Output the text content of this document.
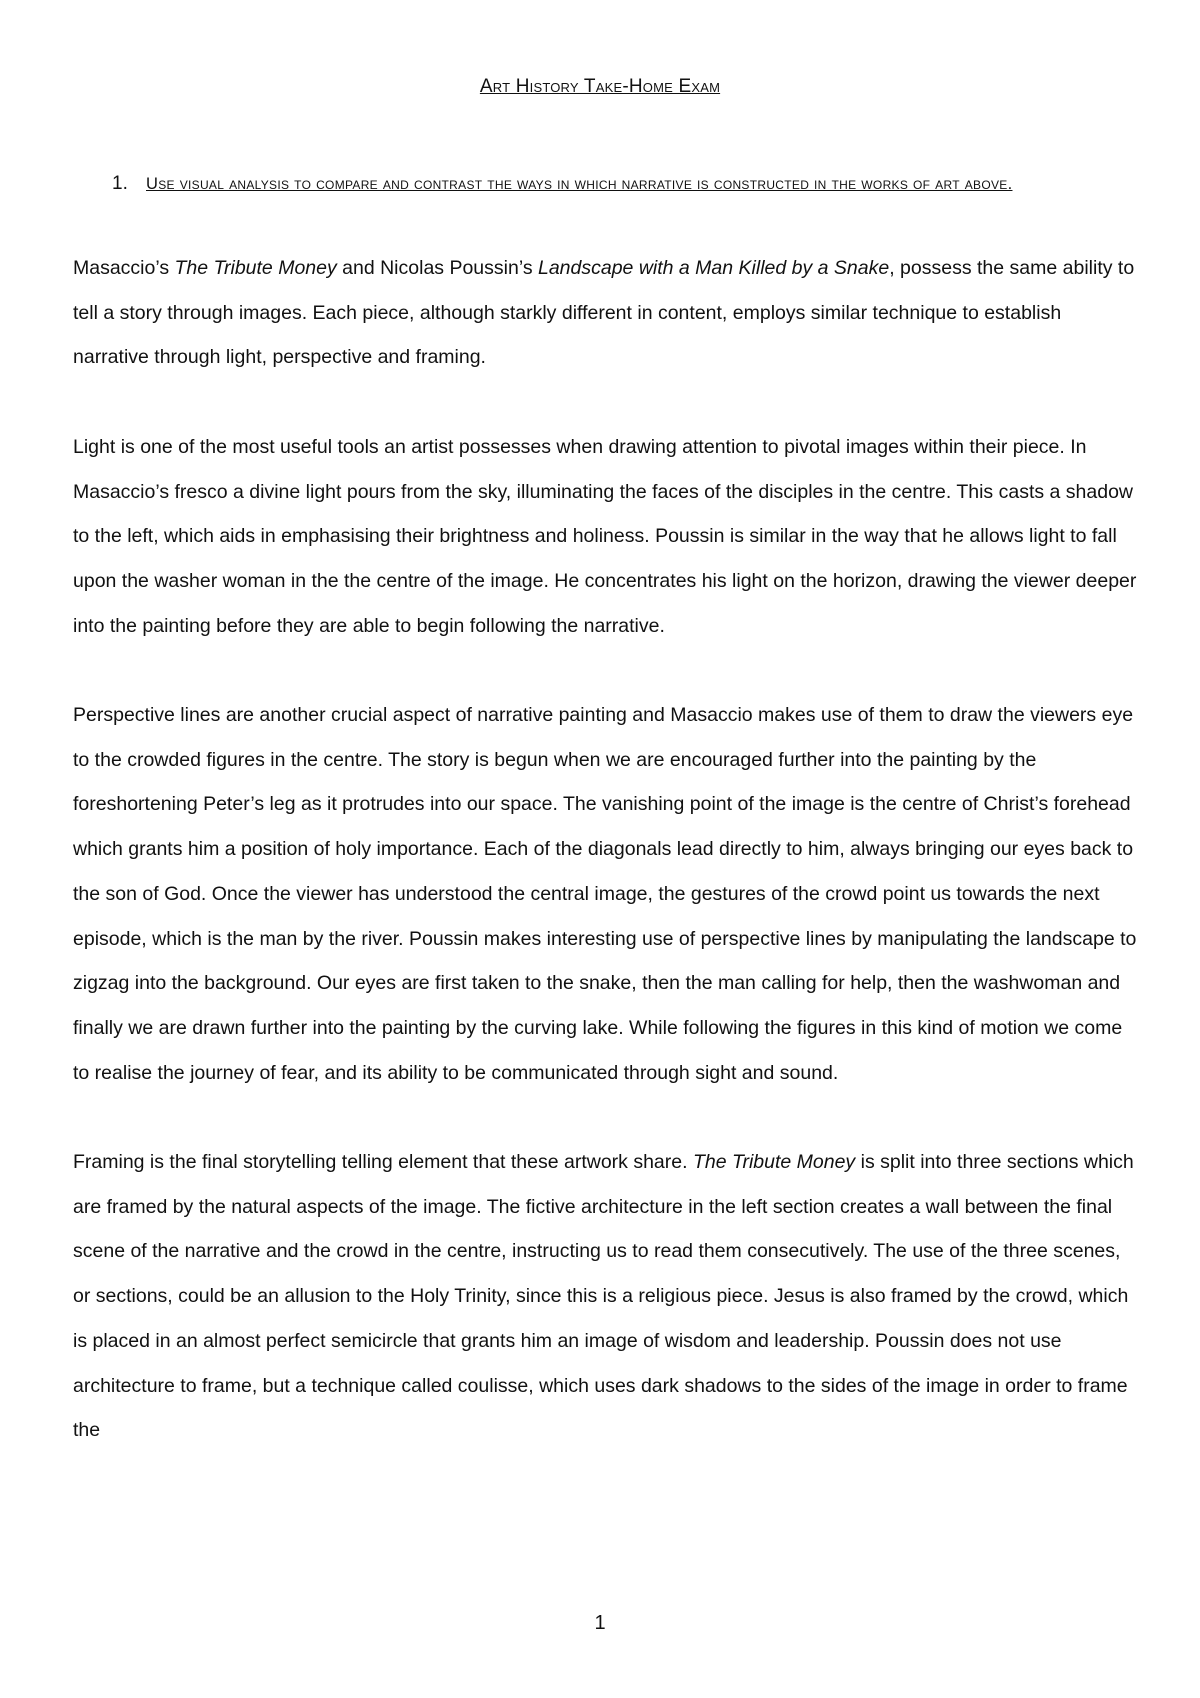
Art History Take-Home Exam
1. Use visual analysis to compare and contrast the ways in which narrative is constructed in the works of art above.

Masaccio’s The Tribute Money and Nicolas Poussin’s Landscape with a Man Killed by a Snake, possess the same ability to tell a story through images. Each piece, although starkly different in content, employs similar technique to establish narrative through light, perspective and framing.

Light is one of the most useful tools an artist possesses when drawing attention to pivotal images within their piece. In Masaccio’s fresco a divine light pours from the sky, illuminating the faces of the disciples in the centre. This casts a shadow to the left, which aids in emphasising their brightness and holiness. Poussin is similar in the way that he allows light to fall upon the washer woman in the the centre of the image. He concentrates his light on the horizon, drawing the viewer deeper into the painting before they are able to begin following the narrative.

Perspective lines are another crucial aspect of narrative painting and Masaccio makes use of them to draw the viewers eye to the crowded figures in the centre. The story is begun when we are encouraged further into the painting by the foreshortening Peter’s leg as it protrudes into our space. The vanishing point of the image is the centre of Christ’s forehead which grants him a position of holy importance. Each of the diagonals lead directly to him, always bringing our eyes back to the son of God. Once the viewer has understood the central image, the gestures of the crowd point us towards the next episode, which is the man by the river. Poussin makes interesting use of perspective lines by manipulating the landscape to zigzag into the background. Our eyes are first taken to the snake, then the man calling for help, then the washwoman and finally we are drawn further into the painting by the curving lake. While following the figures in this kind of motion we come to realise the journey of fear, and its ability to be communicated through sight and sound.

Framing is the final storytelling telling element that these artwork share. The Tribute Money is split into three sections which are framed by the natural aspects of the image. The fictive architecture in the left section creates a wall between the final scene of the narrative and the crowd in the centre, instructing us to read them consecutively. The use of the three scenes, or sections, could be an allusion to the Holy Trinity, since this is a religious piece. Jesus is also framed by the crowd, which is placed in an almost perfect semicircle that grants him an image of wisdom and leadership. Poussin does not use architecture to frame, but a technique called coulisse, which uses dark shadows to the sides of the image in order to frame the

1
